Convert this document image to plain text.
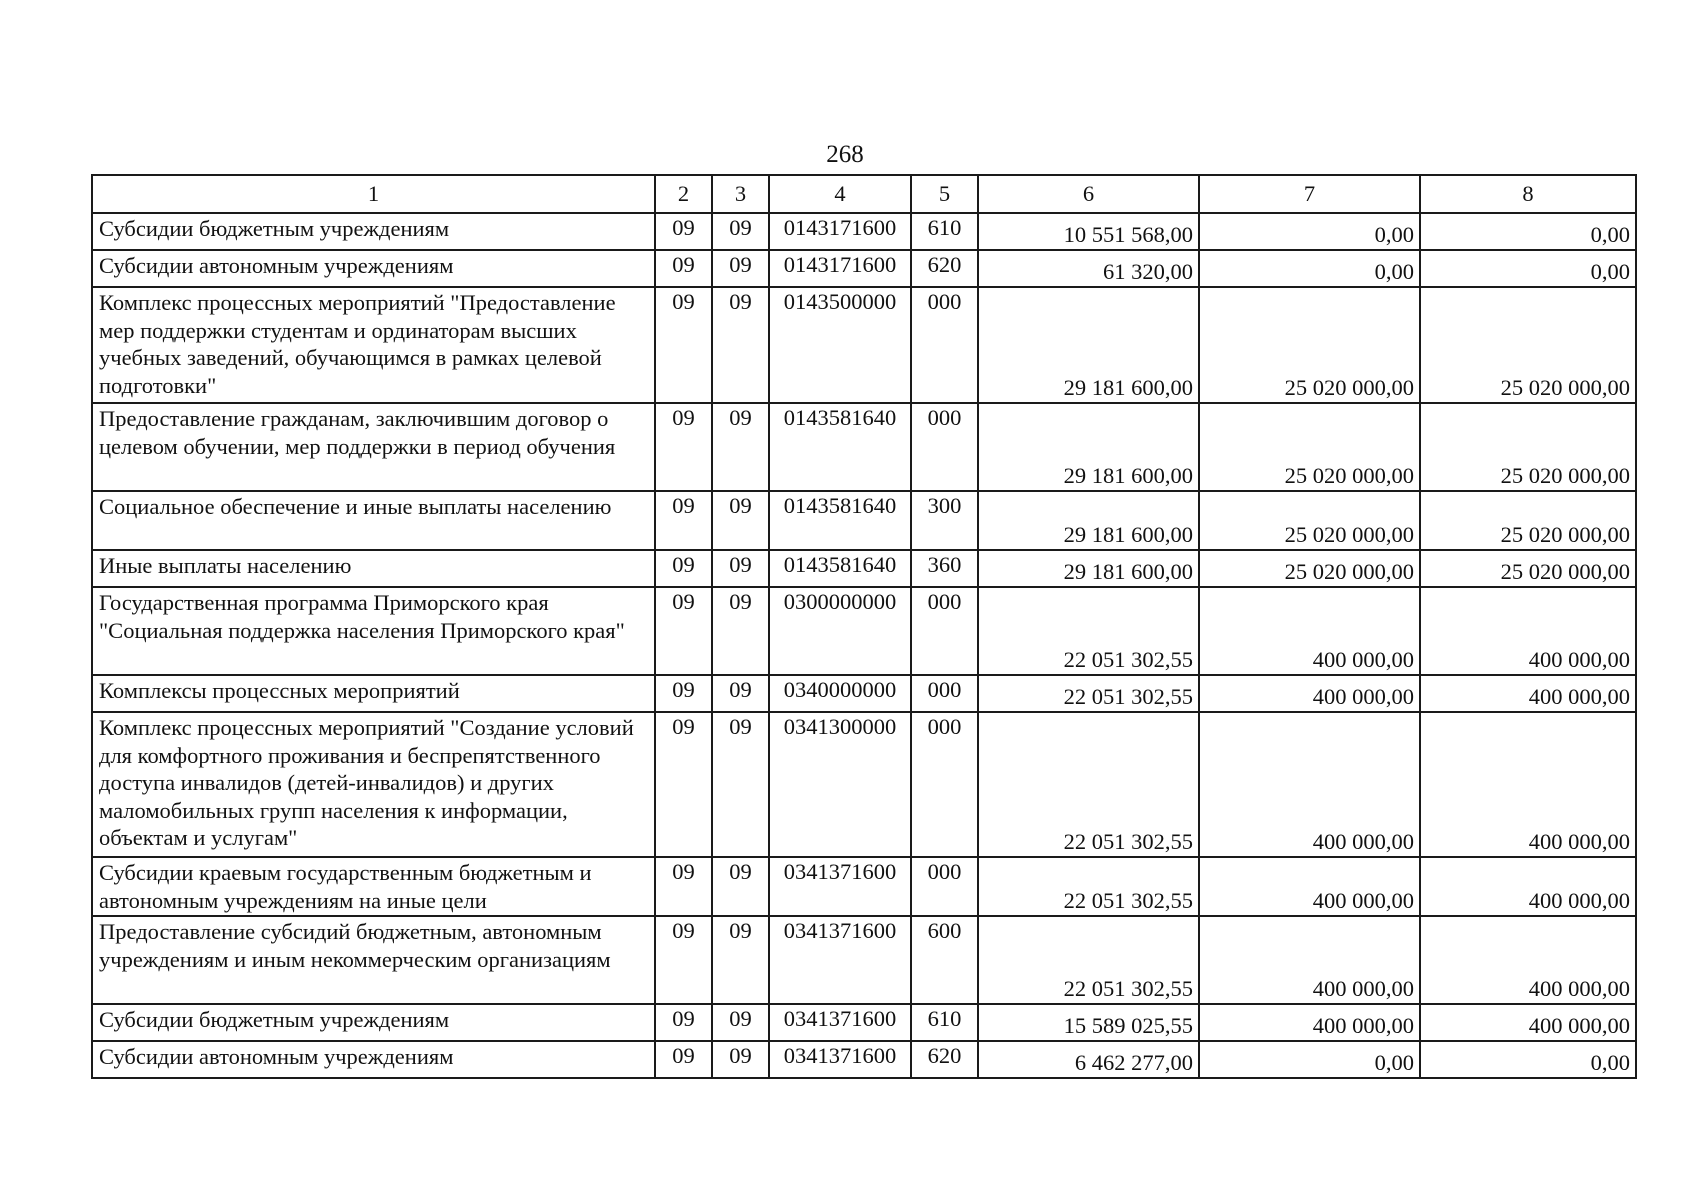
268
1	2	3	4	5	6	7	8
Субсидии бюджетным учреждениям	09	09	0143171600	610	10 551 568,00	0,00	0,00
Субсидии автономным учреждениям	09	09	0143171600	620	61 320,00	0,00	0,00
Комплекс процессных мероприятий "Предоставление мер поддержки студентам и ординаторам высших учебных заведений, обучающимся в рамках целевой подготовки"	09	09	0143500000	000	29 181 600,00	25 020 000,00	25 020 000,00
Предоставление гражданам, заключившим договор о целевом обучении, мер поддержки в период обучения	09	09	0143581640	000	29 181 600,00	25 020 000,00	25 020 000,00
Социальное обеспечение и иные выплаты населению	09	09	0143581640	300	29 181 600,00	25 020 000,00	25 020 000,00
Иные выплаты населению	09	09	0143581640	360	29 181 600,00	25 020 000,00	25 020 000,00
Государственная программа Приморского края "Социальная поддержка населения Приморского края"	09	09	0300000000	000	22 051 302,55	400 000,00	400 000,00
Комплексы процессных мероприятий	09	09	0340000000	000	22 051 302,55	400 000,00	400 000,00
Комплекс процессных мероприятий "Создание условий для комфортного проживания и беспрепятственного доступа инвалидов (детей-инвалидов) и других маломобильных групп населения к информации, объектам и услугам"	09	09	0341300000	000	22 051 302,55	400 000,00	400 000,00
Субсидии краевым государственным бюджетным и автономным учреждениям на иные цели	09	09	0341371600	000	22 051 302,55	400 000,00	400 000,00
Предоставление субсидий бюджетным, автономным учреждениям и иным некоммерческим организациям	09	09	0341371600	600	22 051 302,55	400 000,00	400 000,00
Субсидии бюджетным учреждениям	09	09	0341371600	610	15 589 025,55	400 000,00	400 000,00
Субсидии автономным учреждениям	09	09	0341371600	620	6 462 277,00	0,00	0,00
